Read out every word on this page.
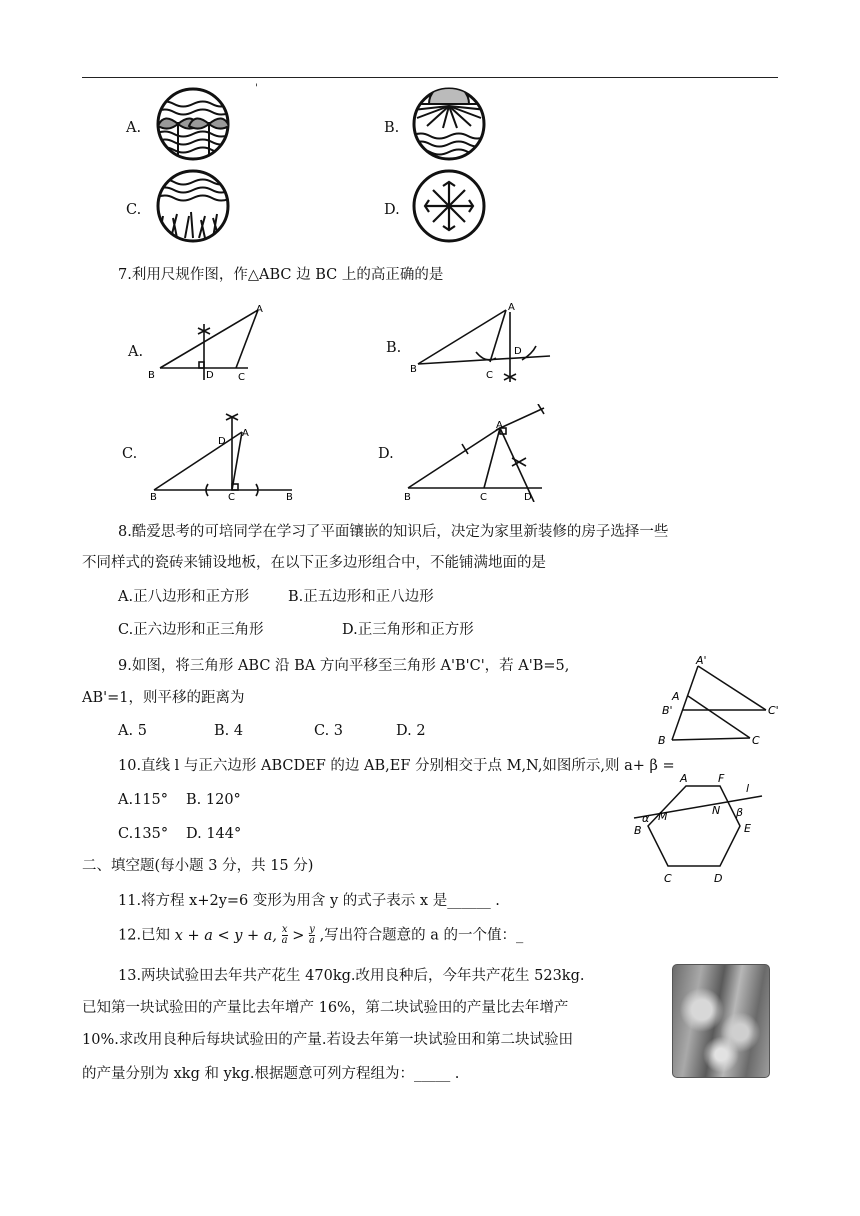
'
A.	B.
C.	D.
7.利用尺规作图，作△ABC 边 BC 上的高正确的是
A.
B	D C
A
B.
B
C
D
A
C.
B	C	B
D
A
D.
B	C	D
A
8.酷爱思考的可培同学在学习了平面镶嵌的知识后，决定为家里新装修的房子选择一些
不同样式的瓷砖来铺设地板，在以下正多边形组合中，不能铺满地面的是
A.正八边形和正方形	B.正五边形和正八边形
C.正六边形和正三角形	D.正三角形和正方形
9.如图，将三角形 ABC 沿 BA 方向平移至三角形 A'B'C'，若 A'B=5,
AB'=1，则平移的距离为
A. 5	B. 4	C. 3	D. 2
A'
A
B'
B
C'
C
10.直线 l 与正六边形 ABCDEF 的边 AB,EF 分别相交于点 M,N,如图所示,则 a+ β =
A.115° B. 120°
C.135° D. 144°
A	F
l
α M	N β
B	E
C	D
二、填空题(每小题 3 分，共 15 分)
11.将方程 x+2y=6 变形为用含 y 的式子表示 x 是______ .
12.已知 x + a < y + a, x

a > y

a ,写出符合题意的 a 的一个值：_
13.两块试验田去年共产花生 470kg.改用良种后，今年共产花生 523kg.
已知第一块试验田的产量比去年增产 16%，第二块试验田的产量比去年增产
10%.求改用良种后每块试验田的产量.若设去年第一块试验田和第二块试验田
的产量分别为 xkg 和 ykg.根据题意可列方程组为：_____ .
